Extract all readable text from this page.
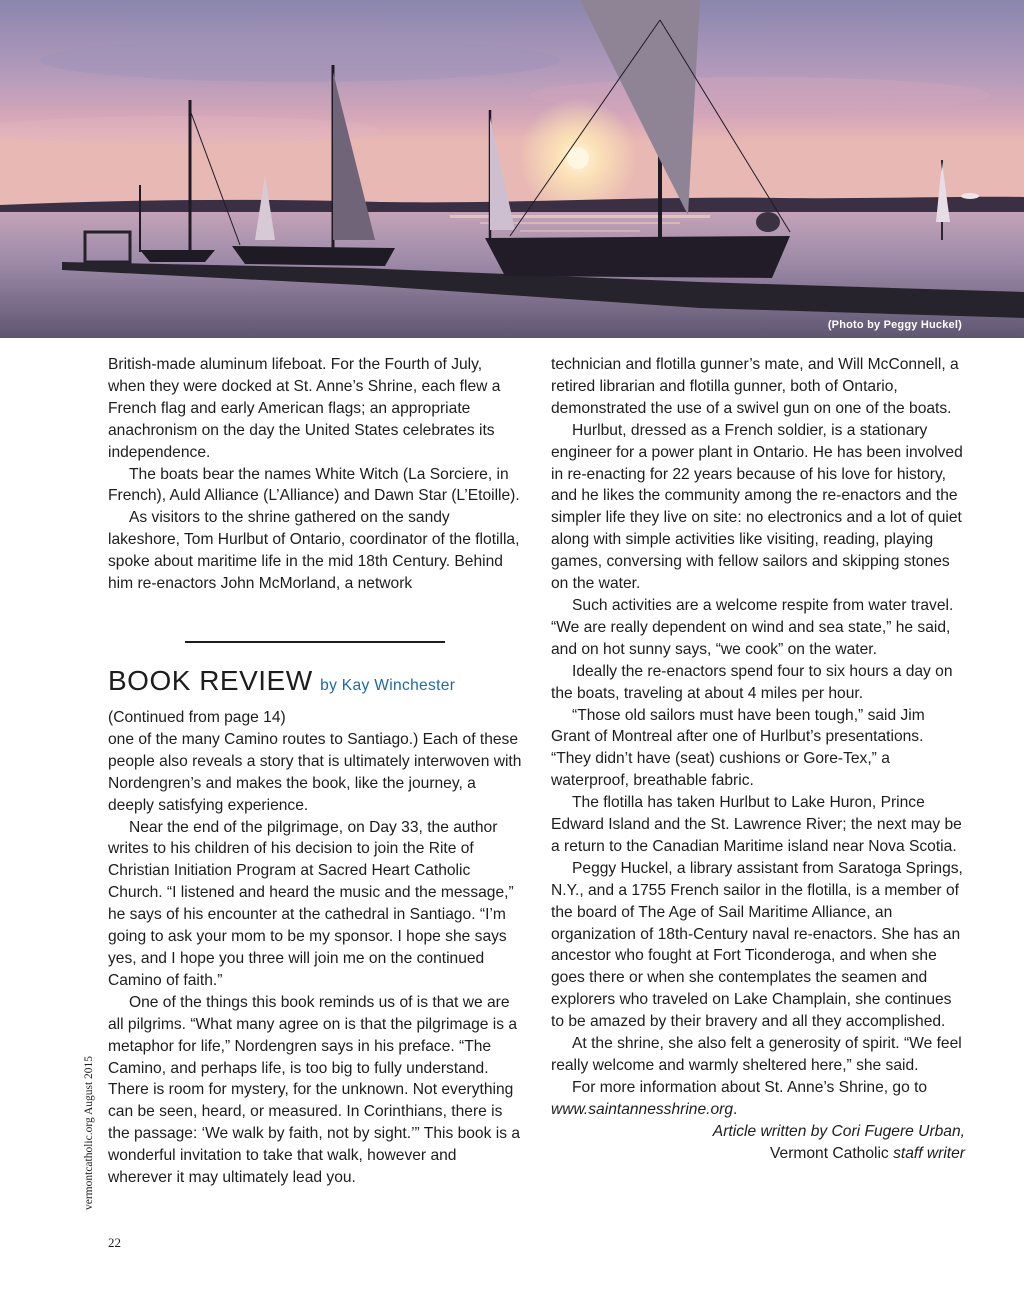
(Photo by Peggy Huckel)

British-made aluminum lifeboat. For the Fourth of July, when they were docked at St. Anne’s Shrine, each flew a French flag and early American flags; an appropriate anachronism on the day the United States celebrates its independence.

The boats bear the names White Witch (La Sorciere, in French), Auld Alliance (L’Alliance) and Dawn Star (L’Etoille).

As visitors to the shrine gathered on the sandy lakeshore, Tom Hurlbut of Ontario, coordinator of the flotilla, spoke about maritime life in the mid 18th Century. Behind him re-enactors John McMorland, a network

BOOK REVIEW by Kay Winchester

(Continued from page 14)

one of the many Camino routes to Santiago.) Each of these people also reveals a story that is ultimately interwoven with Nordengren’s and makes the book, like the journey, a deeply satisfying experience.

Near the end of the pilgrimage, on Day 33, the author writes to his children of his decision to join the Rite of Christian Initiation Program at Sacred Heart Catholic Church. “I listened and heard the music and the message,” he says of his encounter at the cathedral in Santiago. “I’m going to ask your mom to be my sponsor. I hope she says yes, and I hope you three will join me on the continued Camino of faith.”

One of the things this book reminds us of is that we are all pilgrims. “What many agree on is that the pilgrimage is a metaphor for life,” Nordengren says in his preface. “The Camino, and perhaps life, is too big to fully understand. There is room for mystery, for the unknown. Not everything can be seen, heard, or measured. In Corinthians, there is the passage: ‘We walk by faith, not by sight.’” This book is a wonderful invitation to take that walk, however and wherever it may ultimately lead you.

technician and flotilla gunner’s mate, and Will McConnell, a retired librarian and flotilla gunner, both of Ontario, demonstrated the use of a swivel gun on one of the boats.

Hurlbut, dressed as a French soldier, is a stationary engineer for a power plant in Ontario. He has been involved in re-enacting for 22 years because of his love for history, and he likes the community among the re-enactors and the simpler life they live on site: no electronics and a lot of quiet along with simple activities like visiting, reading, playing games, conversing with fellow sailors and skipping stones on the water.

Such activities are a welcome respite from water travel. “We are really dependent on wind and sea state,” he said, and on hot sunny says, “we cook” on the water.

Ideally the re-enactors spend four to six hours a day on the boats, traveling at about 4 miles per hour.

“Those old sailors must have been tough,” said Jim Grant of Montreal after one of Hurlbut’s presentations. “They didn’t have (seat) cushions or Gore-Tex,” a waterproof, breathable fabric.

The flotilla has taken Hurlbut to Lake Huron, Prince Edward Island and the St. Lawrence River; the next may be a return to the Canadian Maritime island near Nova Scotia.

Peggy Huckel, a library assistant from Saratoga Springs, N.Y., and a 1755 French sailor in the flotilla, is a member of the board of The Age of Sail Maritime Alliance, an organization of 18th-Century naval re-enactors. She has an ancestor who fought at Fort Ticonderoga, and when she goes there or when she contemplates the seamen and explorers who traveled on Lake Champlain, she continues to be amazed by their bravery and all they accomplished.

At the shrine, she also felt a generosity of spirit. “We feel really welcome and warmly sheltered here,” she said.

For more information about St. Anne’s Shrine, go to www.saintannesshrine.org.

Article written by Cori Fugere Urban,

Vermont Catholic staff writer

vermontcatholic.org August 2015
22
